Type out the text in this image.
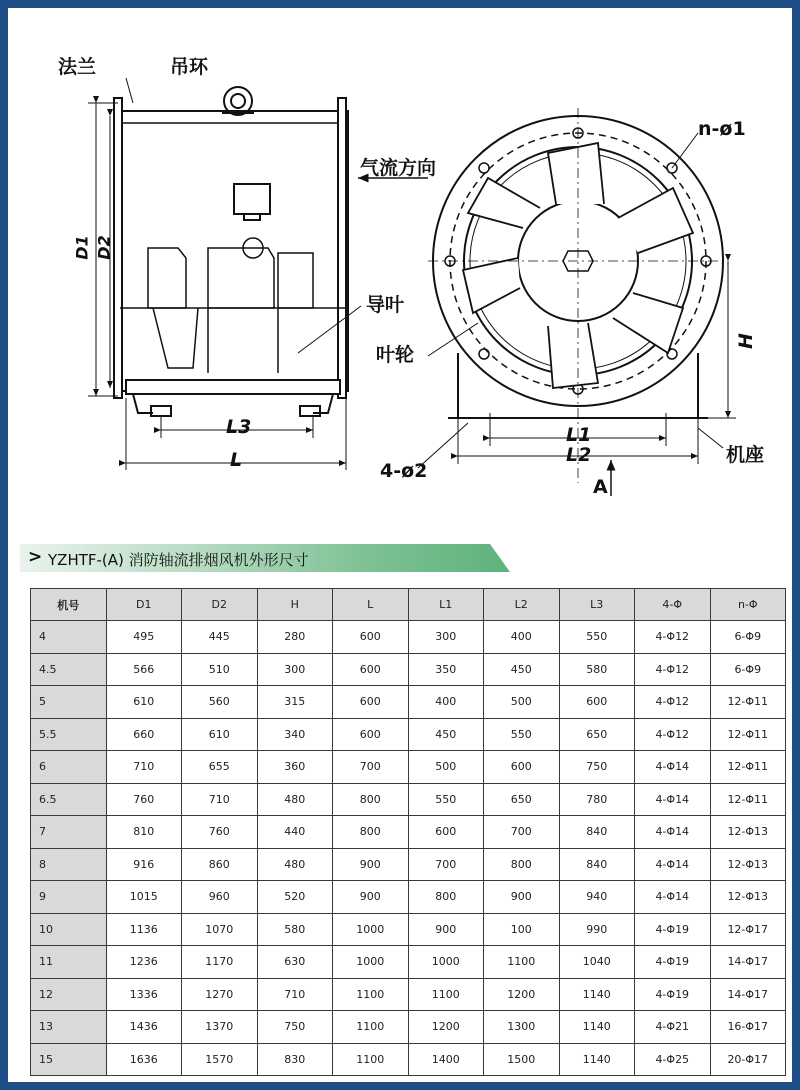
法兰	吊环
气流方向
导叶
叶轮
机座
n-ø1
4-ø2
D1 D2
L3
L
L1
L2
H
A
> YZHTF-(A) 消防轴流排烟风机外形尺寸
机号	D1	D2	H	L	L1	L2	L3	4-Φ	n-Φ
4	495	445	280	600	300	400	550	4-Φ12	6-Φ9
4.5	566	510	300	600	350	450	580	4-Φ12	6-Φ9
5	610	560	315	600	400	500	600	4-Φ12	12-Φ11
5.5	660	610	340	600	450	550	650	4-Φ12	12-Φ11
6	710	655	360	700	500	600	750	4-Φ14	12-Φ11
6.5	760	710	480	800	550	650	780	4-Φ14	12-Φ11
7	810	760	440	800	600	700	840	4-Φ14	12-Φ13
8	916	860	480	900	700	800	840	4-Φ14	12-Φ13
9	1015	960	520	900	800	900	940	4-Φ14	12-Φ13
10	1136	1070	580	1000	900	100	990	4-Φ19	12-Φ17
11	1236	1170	630	1000	1000	1100	1040	4-Φ19	14-Φ17
12	1336	1270	710	1100	1100	1200	1140	4-Φ19	14-Φ17
13	1436	1370	750	1100	1200	1300	1140	4-Φ21	16-Φ17
15	1636	1570	830	1100	1400	1500	1140	4-Φ25	20-Φ17
